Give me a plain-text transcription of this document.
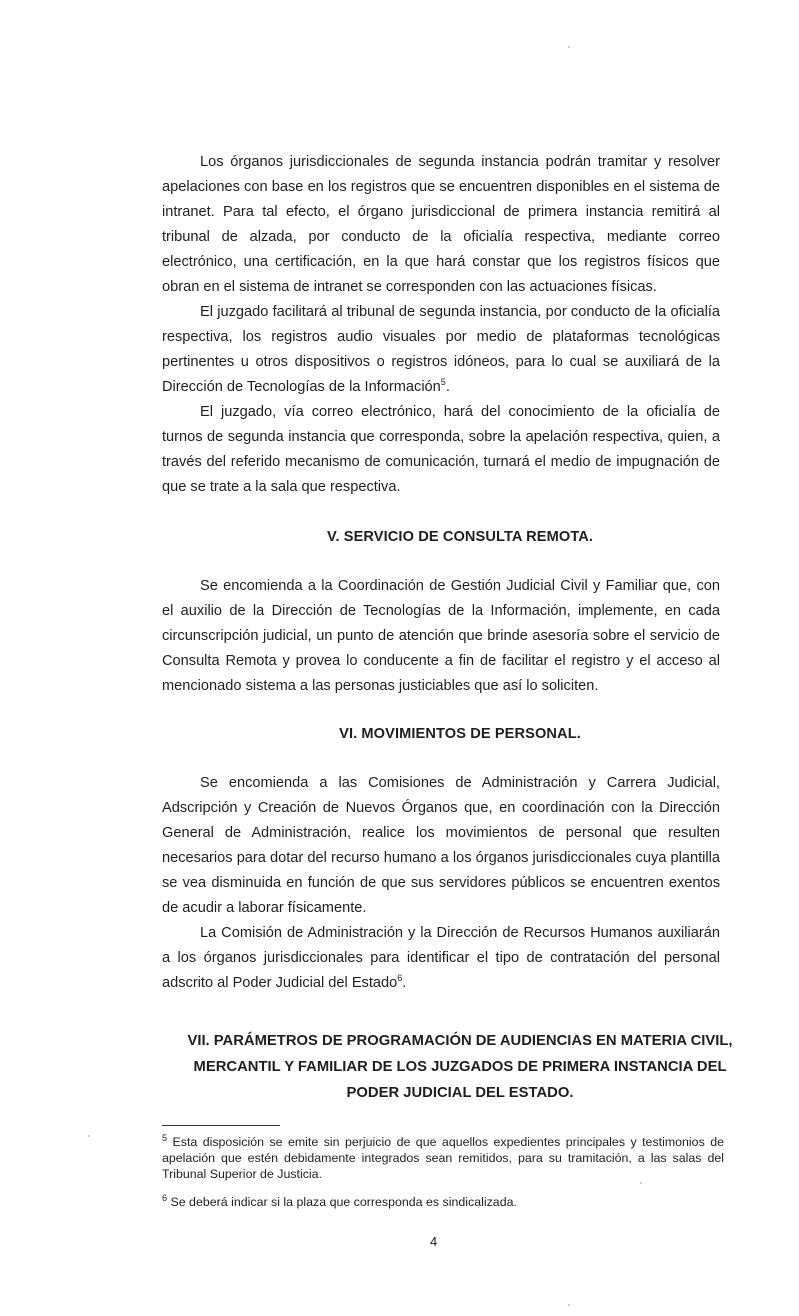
Los órganos jurisdiccionales de segunda instancia podrán tramitar y resolver apelaciones con base en los registros que se encuentren disponibles en el sistema de intranet. Para tal efecto, el órgano jurisdiccional de primera instancia remitirá al tribunal de alzada, por conducto de la oficialía respectiva, mediante correo electrónico, una certificación, en la que hará constar que los registros físicos que obran en el sistema de intranet se corresponden con las actuaciones físicas.

El juzgado facilitará al tribunal de segunda instancia, por conducto de la oficialía respectiva, los registros audio visuales por medio de plataformas tecnológicas pertinentes u otros dispositivos o registros idóneos, para lo cual se auxiliará de la Dirección de Tecnologías de la Información$^5$.

El juzgado, vía correo electrónico, hará del conocimiento de la oficialía de turnos de segunda instancia que corresponda, sobre la apelación respectiva, quien, a través del referido mecanismo de comunicación, turnará el medio de impugnación de que se trate a la sala que respectiva.

V. SERVICIO DE CONSULTA REMOTA.

Se encomienda a la Coordinación de Gestión Judicial Civil y Familiar que, con el auxilio de la Dirección de Tecnologías de la Información, implemente, en cada circunscripción judicial, un punto de atención que brinde asesoría sobre el servicio de Consulta Remota y provea lo conducente a fin de facilitar el registro y el acceso al mencionado sistema a las personas justiciables que así lo soliciten.

VI. MOVIMIENTOS DE PERSONAL.

Se encomienda a las Comisiones de Administración y Carrera Judicial, Adscripción y Creación de Nuevos Órganos que, en coordinación con la Dirección General de Administración, realice los movimientos de personal que resulten necesarios para dotar del recurso humano a los órganos jurisdiccionales cuya plantilla se vea disminuida en función de que sus servidores públicos se encuentren exentos de acudir a laborar físicamente.

La Comisión de Administración y la Dirección de Recursos Humanos auxiliarán a los órganos jurisdiccionales para identificar el tipo de contratación del personal adscrito al Poder Judicial del Estado$^6$.

VII. PARÁMETROS DE PROGRAMACIÓN DE AUDIENCIAS EN MATERIA CIVIL,
MERCANTIL Y FAMILIAR DE LOS JUZGADOS DE PRIMERA INSTANCIA DEL
PODER JUDICIAL DEL ESTADO.
$^5$ Esta disposición se emite sin perjuicio de que aquellos expedientes principales y testimonios de apelación que estén debidamente integrados sean remitidos, para su tramitación, a las salas del Tribunal Superior de Justicia.
$^6$ Se deberá indicar si la plaza que corresponda es sindicalizada.
4
